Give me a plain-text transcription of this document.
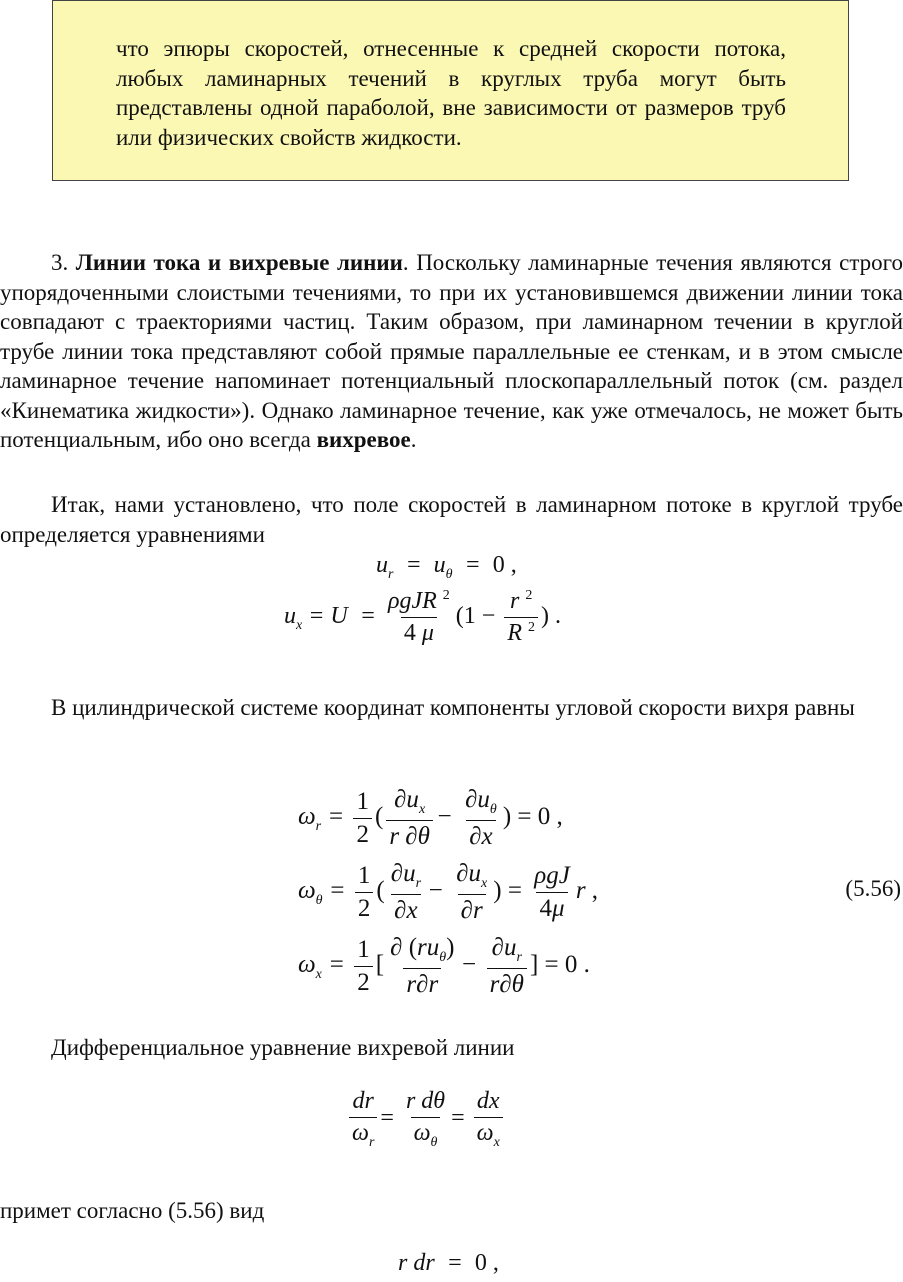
что эпюры скоростей, отнесенные к средней скорости потока, любых ламинарных течений в круглых труба могут быть представлены одной параболой, вне зависимости от размеров труб или физических свойств жидкости.

3. Линии тока и вихревые линии. Поскольку ламинарные течения являются строго упорядоченными слоистыми течениями, то при их установившемся движении линии тока совпадают с траекториями частиц. Таким образом, при ламинарном течении в круглой трубе линии тока представляют собой прямые параллельные ее стенкам, и в этом смысле ламинарное течение напоминает потенциальный плоскопараллельный поток (см. раздел «Кинематика жидкости»). Однако ламинарное течение, как уже отмечалось, не может быть потенциальным, ибо оно всегда вихревое.

Итак, нами установлено, что поле скоростей в ламинарном потоке в круглой трубе определяется уравнениями

$u_r = u_\theta = 0$ ,
$u_x = U = \frac{\rho gJR ^2}{4 \mu} (1 - \frac{r ^2}{R ^2}$ ) .

В цилиндрической системе координат компоненты угловой скорости вихря равны

$\omega_r = \frac{1}{2}$ ( $\frac{\partial u_x}{r \partial\theta} - \frac{\partial u_\theta}{\partial x}$ ) = 0 ,
$\omega_\theta = \frac{1}{2}$ ( $\frac{\partial u_r}{\partial x} - \frac{\partial u_x}{\partial r}$ ) = $\frac{\text{ρgJ}}{4\mu}$ r ,	(5.56)
$\omega_x = \frac{1}{2}$ [ $\frac{\partial (ru_\theta)}{r\partial r} - \frac{\partial u_r}{r\partial\theta}$ ] = 0 .

Дифференциальное уравнение вихревой линии

$\frac{dr}{\omega_r} = \frac{\text{r dθ}}{\omega_\theta} = \frac{dx}{\omega_x}$

примет согласно (5.56) вид

r dr  =  0 ,
